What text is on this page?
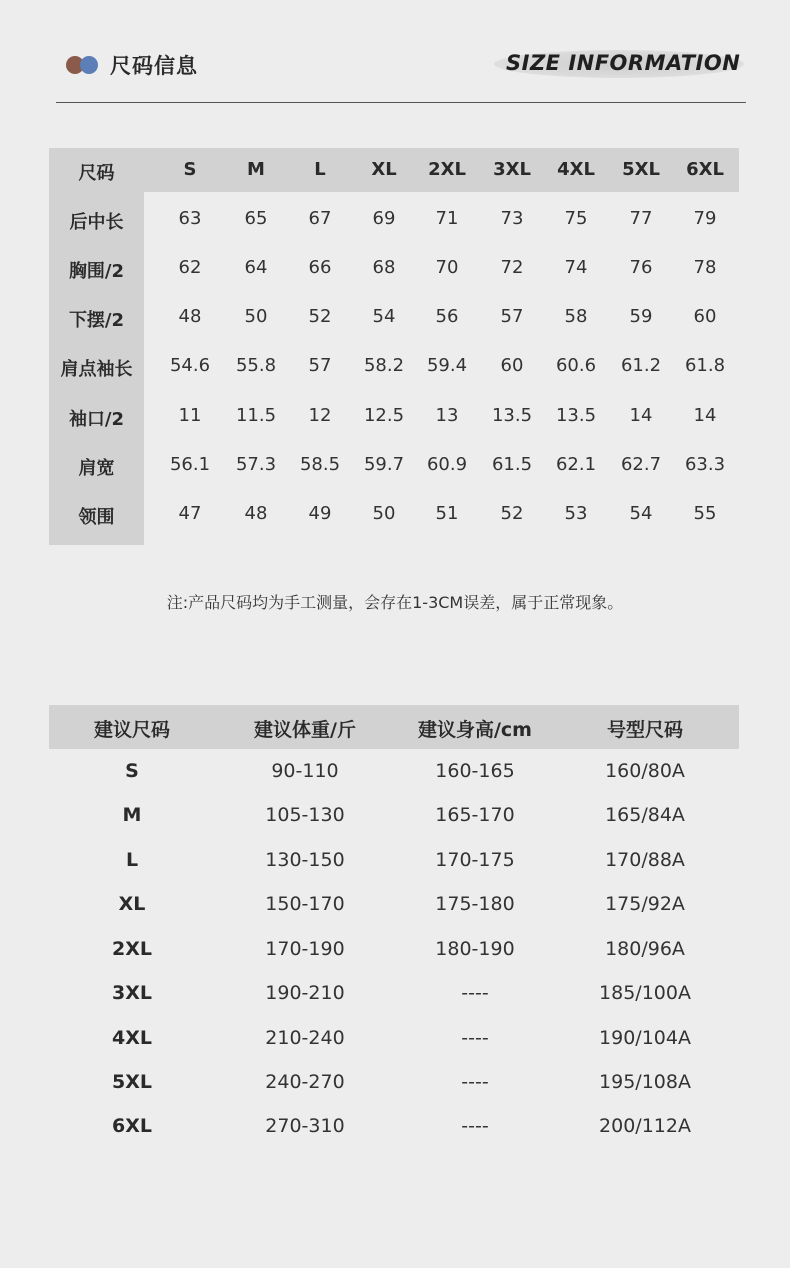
尺码信息	SIZE INFORMATION
尺码	S	M	L	XL	2XL	3XL	4XL	5XL	6XL
后中长	63	65	67	69	71	73	75	77	79
胸围/2	62	64	66	68	70	72	74	76	78
下摆/2	48	50	52	54	56	57	58	59	60
肩点袖长	54.6	55.8	57	58.2	59.4	60	60.6	61.2	61.8
袖口/2	11	11.5	12	12.5	13	13.5	13.5	14	14
肩宽	56.1	57.3	58.5	59.7	60.9	61.5	62.1	62.7	63.3
领围	47	48	49	50	51	52	53	54	55
注:产品尺码均为手工测量，会存在1-3CM误差，属于正常现象。
建议尺码	建议体重/斤	建议身高/cm	号型尺码
S	90-110	160-165	160/80A
M	105-130	165-170	165/84A
L	130-150	170-175	170/88A
XL	150-170	175-180	175/92A
2XL	170-190	180-190	180/96A
3XL	190-210	----	185/100A
4XL	210-240	----	190/104A
5XL	240-270	----	195/108A
6XL	270-310	----	200/112A
